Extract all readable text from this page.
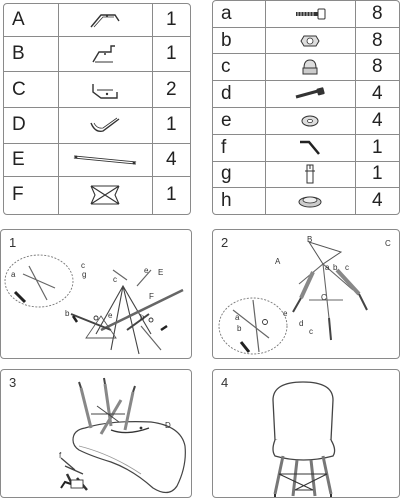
A		1
B		1
C		2
D		1
E		4
F		1
a		8
b		8
c		8
d		4
e		4
f		1
g		1
h		4
a
b
c
g
c
e E
F
b
e
1
A
B	C
a b c
C
a
b
e
d
c
2
D
f
3	4
